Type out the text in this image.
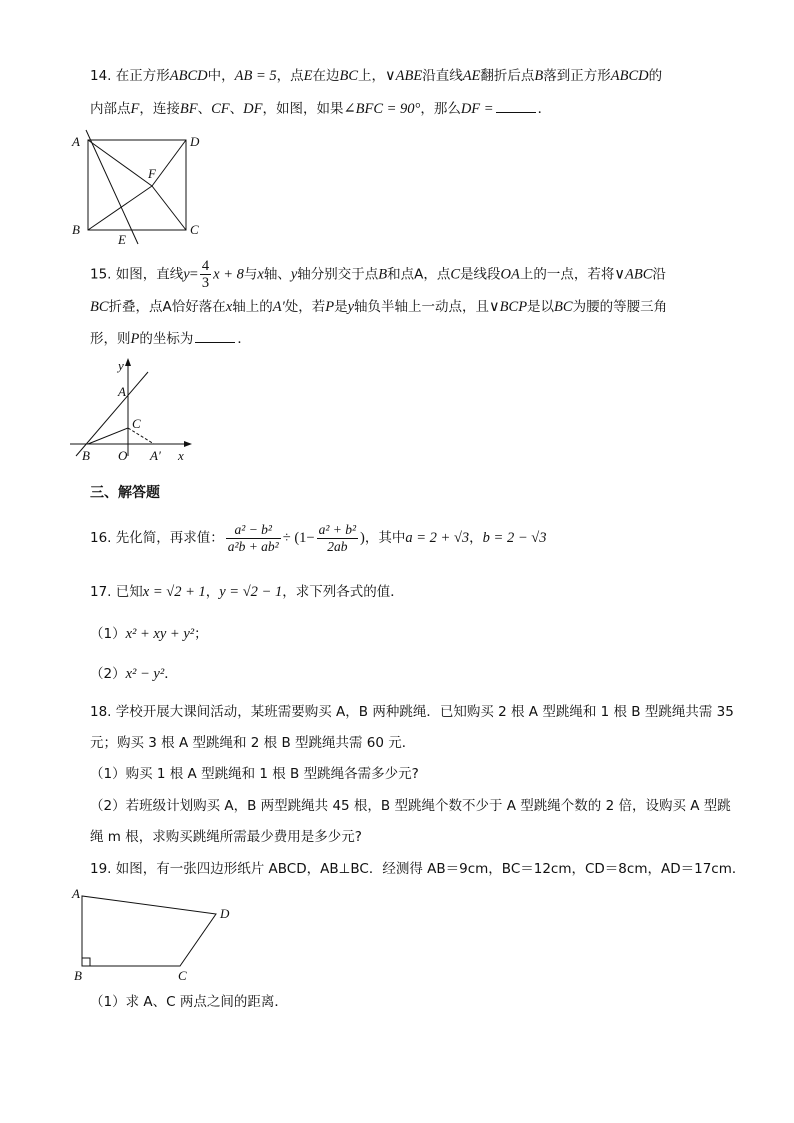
14. 在正方形ABCD中，AB = 5，点E在边BC上，∨ABE沿直线AE翻折后点B落到正方形ABCD的
内部点F，连接BF、CF、DF，如图，如果∠BFC = 90°，那么DF =	．
A	D
F
B
E
C
15. 如图，直线$y= \frac{4}{3}$ x + 8与x轴、y轴分别交于点B和点A，点C是线段OA上的一点，若将∨ABC沿
BC折叠，点A恰好落在x轴上的A′处，若P是y轴负半轴上一动点，且∨BCP是以BC为腰的等腰三角
形，则P的坐标为	．
y
A
C
B O A′ x
三、解答题
16. 先化简，再求值： $\frac{\text{a² − b²}}{\text{a²b + ab²}} \div (1- \frac{\text{a² + b²}}{2ab}$ )，其中a = 2 + √3，b = 2 − √3
17. 已知x = √2 + 1，y = √2 − 1，求下列各式的值．
（1）x² + xy + y²；
（2）x² − y²．
18. 学校开展大课间活动，某班需要购买 A，B 两种跳绳．已知购买 2 根 A 型跳绳和 1 根 B 型跳绳共需 35
元；购买 3 根 A 型跳绳和 2 根 B 型跳绳共需 60 元．
（1）购买 1 根 A 型跳绳和 1 根 B 型跳绳各需多少元?
（2）若班级计划购买 A，B 两型跳绳共 45 根，B 型跳绳个数不少于 A 型跳绳个数的 2 倍，设购买 A 型跳
绳 m 根，求购买跳绳所需最少费用是多少元?
19. 如图，有一张四边形纸片 ABCD，AB⊥BC．经测得 AB＝9cm，BC＝12cm，CD＝8cm，AD＝17cm．
A
D
B	C
（1）求 A、C 两点之间的距离．
